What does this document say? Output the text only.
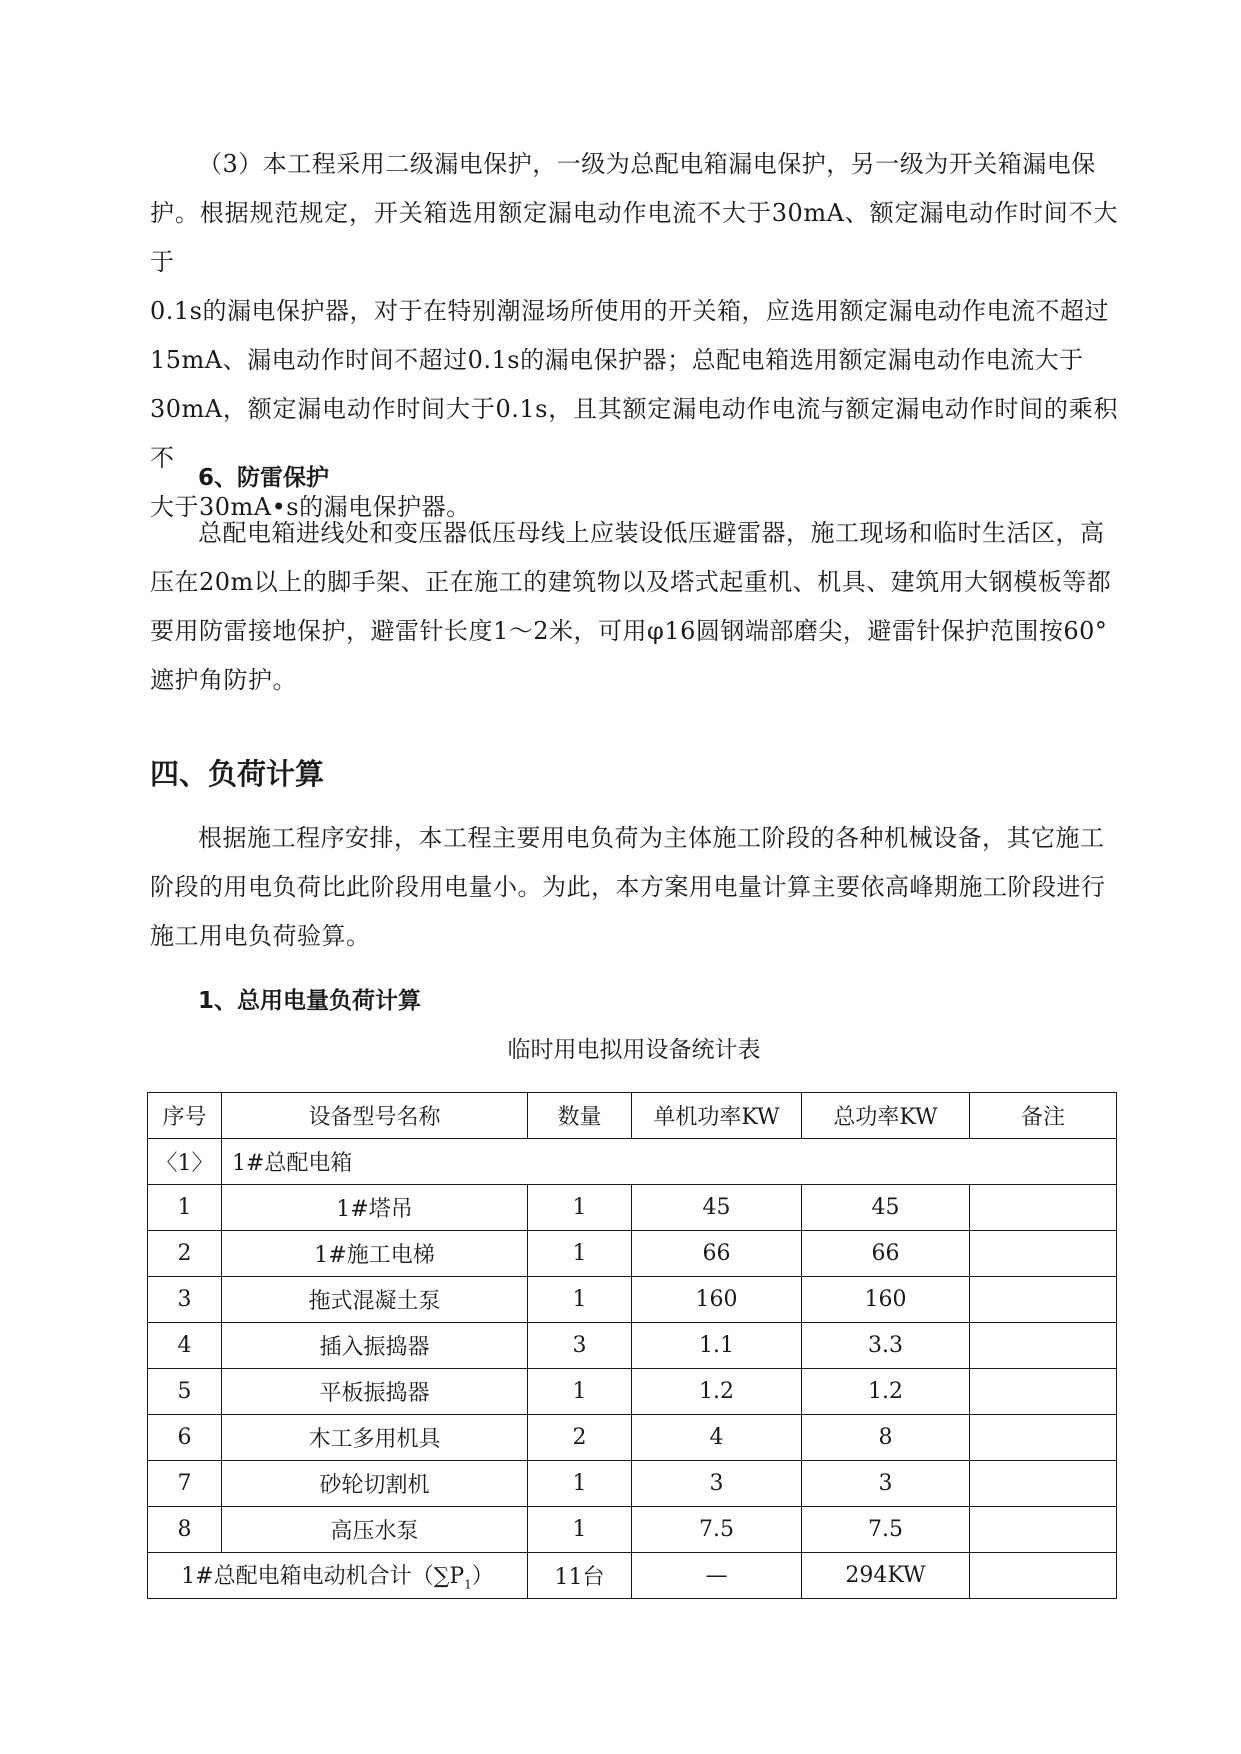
（3）本工程采用二级漏电保护，一级为总配电箱漏电保护，另一级为开关箱漏电保
护。根据规范规定，开关箱选用额定漏电动作电流不大于30mA、额定漏电动作时间不大于
0.1s的漏电保护器，对于在特别潮湿场所使用的开关箱，应选用额定漏电动作电流不超过
15mA、漏电动作时间不超过0.1s的漏电保护器；总配电箱选用额定漏电动作电流大于
30mA，额定漏电动作时间大于0.1s，且其额定漏电动作电流与额定漏电动作时间的乘积不
大于30mA•s的漏电保护器。

6、防雷保护

总配电箱进线处和变压器低压母线上应装设低压避雷器，施工现场和临时生活区，高
压在20m以上的脚手架、正在施工的建筑物以及塔式起重机、机具、建筑用大钢模板等都
要用防雷接地保护，避雷针长度1～2米，可用φ16圆钢端部磨尖，避雷针保护范围按60°
遮护角防护。

四、负荷计算

根据施工程序安排，本工程主要用电负荷为主体施工阶段的各种机械设备，其它施工
阶段的用电负荷比此阶段用电量小。为此，本方案用电量计算主要依高峰期施工阶段进行
施工用电负荷验算。

1、总用电量负荷计算

临时用电拟用设备统计表

序号	设备型号名称	数量	单机功率KW	总功率KW	备注
〈1〉	1#总配电箱				
1	1#塔吊	1	45	45	
2	1#施工电梯	1	66	66	
3	拖式混凝土泵	1	160	160	
4	插入振捣器	3	1.1	3.3	
5	平板振捣器	1	1.2	1.2	
6	木工多用机具	2	4	8	
7	砂轮切割机	1	3	3	
8	高压水泵	1	7.5	7.5	
1#总配电箱电动机合计$(\sum P_1)$		11台	—	294KW	
